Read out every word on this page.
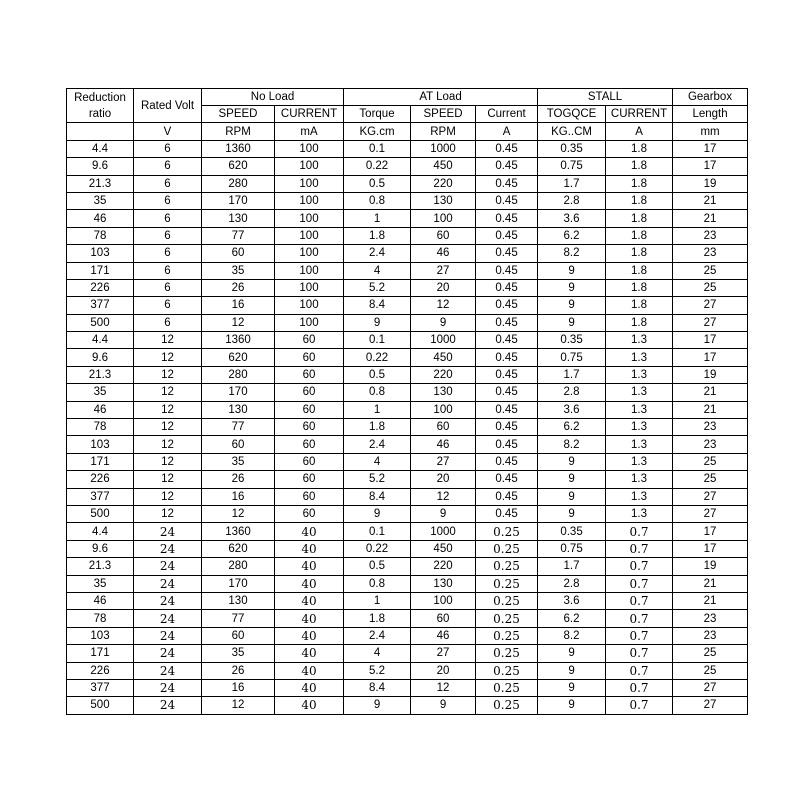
Reduction ratio	Rated Volt	No Load		AT Load			STALL		Gearbox
		SPEED	CURRENT	Torque	SPEED	Current	TOGQCE	CURRENT	Length
	V	RPM	mA	KG.cm	RPM	A	KG..CM	A	mm
4.4	6	1360	100	0.1	1000	0.45	0.35	1.8	17
9.6	6	620	100	0.22	450	0.45	0.75	1.8	17
21.3	6	280	100	0.5	220	0.45	1.7	1.8	19
35	6	170	100	0.8	130	0.45	2.8	1.8	21
46	6	130	100	1	100	0.45	3.6	1.8	21
78	6	77	100	1.8	60	0.45	6.2	1.8	23
103	6	60	100	2.4	46	0.45	8.2	1.8	23
171	6	35	100	4	27	0.45	9	1.8	25
226	6	26	100	5.2	20	0.45	9	1.8	25
377	6	16	100	8.4	12	0.45	9	1.8	27
500	6	12	100	9	9	0.45	9	1.8	27
4.4	12	1360	60	0.1	1000	0.45	0.35	1.3	17
9.6	12	620	60	0.22	450	0.45	0.75	1.3	17
21.3	12	280	60	0.5	220	0.45	1.7	1.3	19
35	12	170	60	0.8	130	0.45	2.8	1.3	21
46	12	130	60	1	100	0.45	3.6	1.3	21
78	12	77	60	1.8	60	0.45	6.2	1.3	23
103	12	60	60	2.4	46	0.45	8.2	1.3	23
171	12	35	60	4	27	0.45	9	1.3	25
226	12	26	60	5.2	20	0.45	9	1.3	25
377	12	16	60	8.4	12	0.45	9	1.3	27
500	12	12	60	9	9	0.45	9	1.3	27
4.4	24	1360	40	0.1	1000	0.25	0.35	0.7	17
9.6	24	620	40	0.22	450	0.25	0.75	0.7	17
21.3	24	280	40	0.5	220	0.25	1.7	0.7	19
35	24	170	40	0.8	130	0.25	2.8	0.7	21
46	24	130	40	1	100	0.25	3.6	0.7	21
78	24	77	40	1.8	60	0.25	6.2	0.7	23
103	24	60	40	2.4	46	0.25	8.2	0.7	23
171	24	35	40	4	27	0.25	9	0.7	25
226	24	26	40	5.2	20	0.25	9	0.7	25
377	24	16	40	8.4	12	0.25	9	0.7	27
500	24	12	40	9	9	0.25	9	0.7	27
